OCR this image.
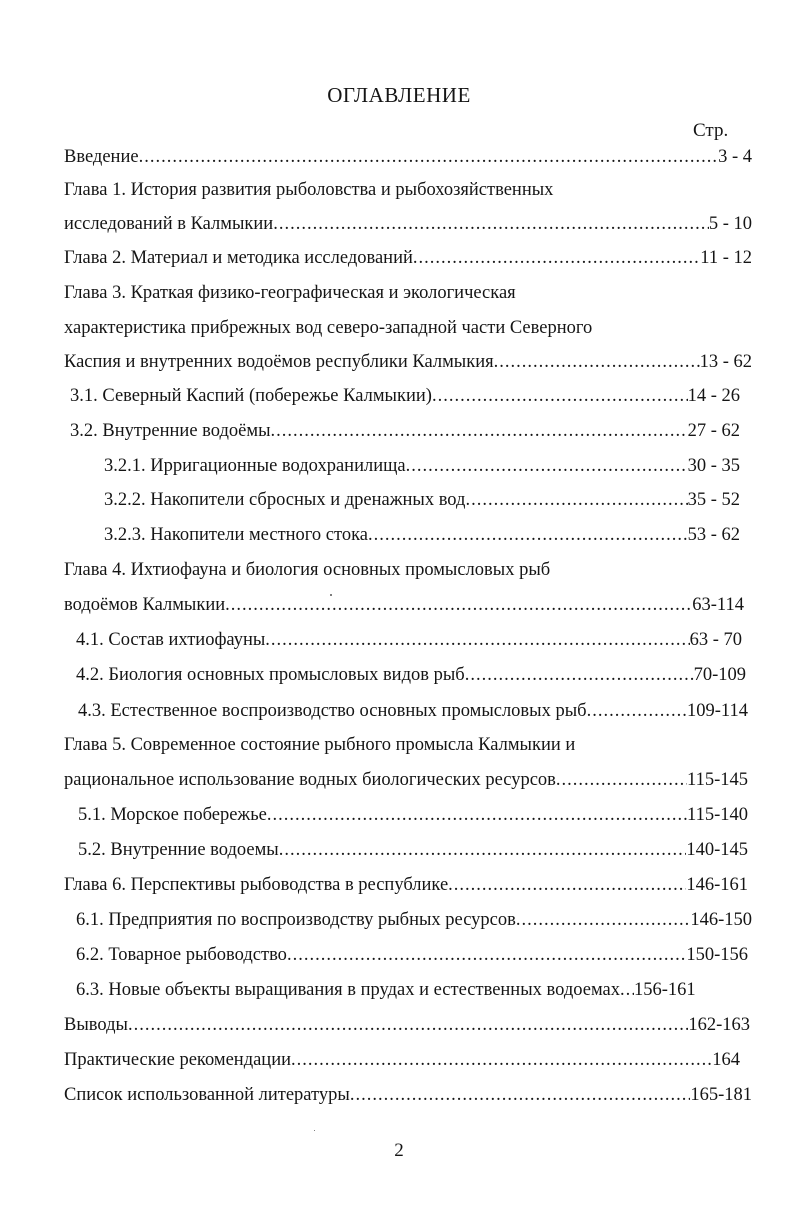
ОГЛАВЛЕНИЕ
Стр.
Введение .....	3 - 4
Глава 1. История развития рыболовства и рыбохозяйственных
исследований в Калмыкии .....	5 - 10
Глава 2. Материал и методика исследований .....	11 - 12
Глава 3. Краткая физико-географическая и экологическая
характеристика прибрежных вод северо-западной части Северного
Каспия и внутренних водоёмов республики Калмыкия .....	13 - 62
3.1. Северный Каспий (побережье Калмыкии) .....	14 - 26
3.2. Внутренние водоёмы .....	27 - 62
3.2.1. Ирригационные водохранилища .....	30 - 35
3.2.2. Накопители сбросных и дренажных вод .....	35 - 52
3.2.3. Накопители местного стока .....	53 - 62
Глава 4. Ихтиофауна и биология основных промысловых рыб
водоёмов Калмыкии .....	63-114
4.1. Состав ихтиофауны .....	63 - 70
4.2. Биология основных промысловых видов рыб .....	70-109
4.3. Естественное воспроизводство основных промысловых рыб .....	109-114
Глава 5. Современное состояние рыбного промысла Калмыкии и
рациональное использование водных биологических ресурсов .....	115-145
5.1. Морское побережье .....	115-140
5.2. Внутренние водоемы .....	140-145
Глава 6. Перспективы рыбоводства в республике .....	146-161
6.1. Предприятия по воспроизводству рыбных ресурсов .....	146-150
6.2. Товарное рыбоводство .....	150-156
6.3. Новые объекты выращивания в прудах и естественных водоемах ..... 156-161
Выводы .....	162-163
Практические рекомендации .....	164
Список использованной литературы .....	165-181
2
